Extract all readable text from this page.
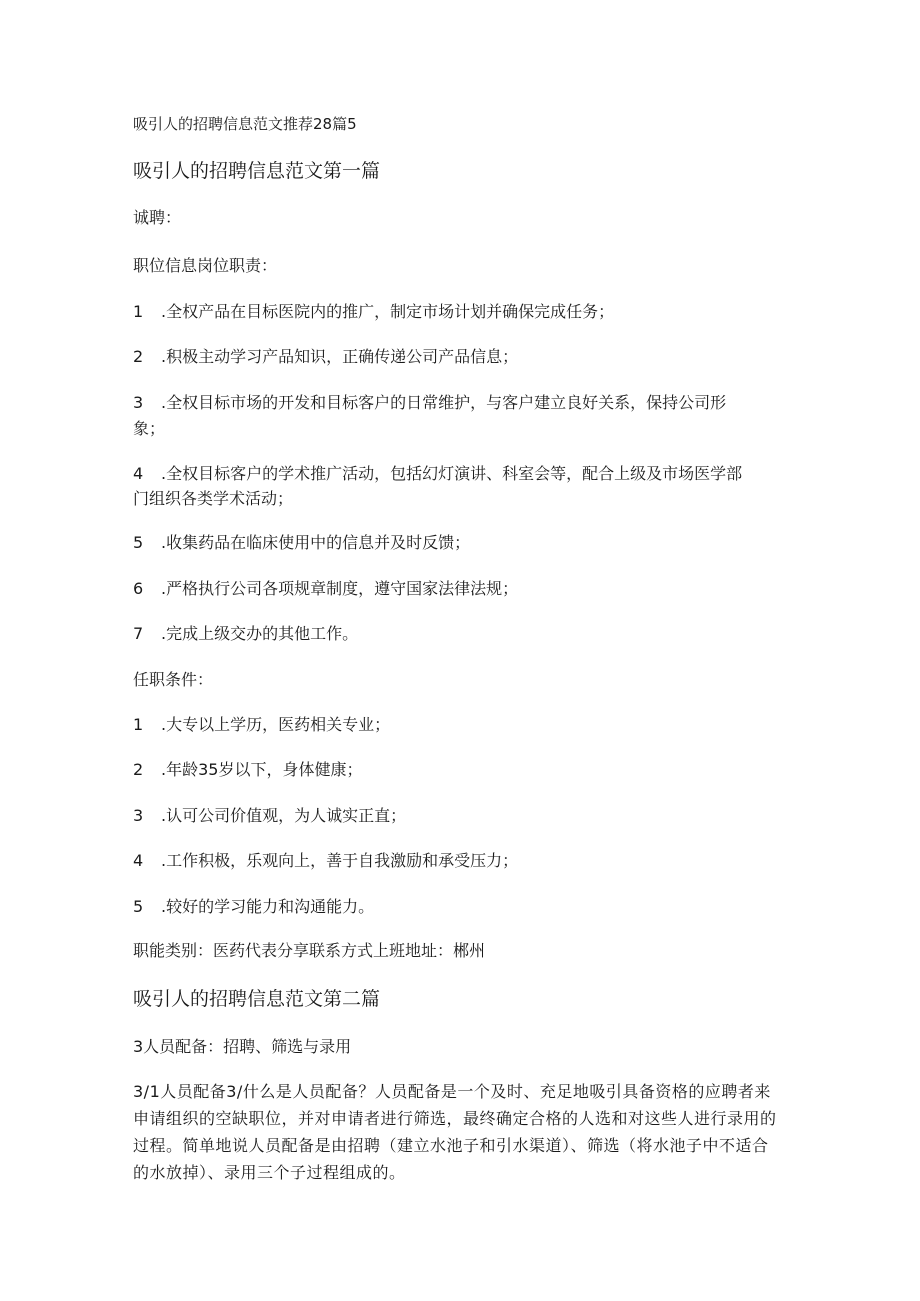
吸引人的招聘信息范文推荐28篇5

吸引人的招聘信息范文第一篇

诚聘：

职位信息岗位职责：

1 .全权产品在目标医院内的推广，制定市场计划并确保完成任务；

2 .积极主动学习产品知识，正确传递公司产品信息；

3 .全权目标市场的开发和目标客户的日常维护，与客户建立良好关系，保持公司形

象；

4 .全权目标客户的学术推广活动，包括幻灯演讲、科室会等，配合上级及市场医学部

门组织各类学术活动；

5 .收集药品在临床使用中的信息并及时反馈；

6 .严格执行公司各项规章制度，遵守国家法律法规；

7 .完成上级交办的其他工作。

任职条件：

1 .大专以上学历，医药相关专业；

2 .年龄35岁以下，身体健康；

3 .认可公司价值观，为人诚实正直；

4 .工作积极，乐观向上，善于自我激励和承受压力；

5 .较好的学习能力和沟通能力。

职能类别：医药代表分享联系方式上班地址：郴州

吸引人的招聘信息范文第二篇

3人员配备：招聘、筛选与录用

3/1人员配备3/什么是人员配备？人员配备是一个及时、充足地吸引具备资格的应聘者来申请组织的空缺职位，并对申请者进行筛选，最终确定合格的人选和对这些人进行录用的过程。简单地说人员配备是由招聘（建立水池子和引水渠道）、筛选（将水池子中不适合的水放掉）、录用三个子过程组成的。
